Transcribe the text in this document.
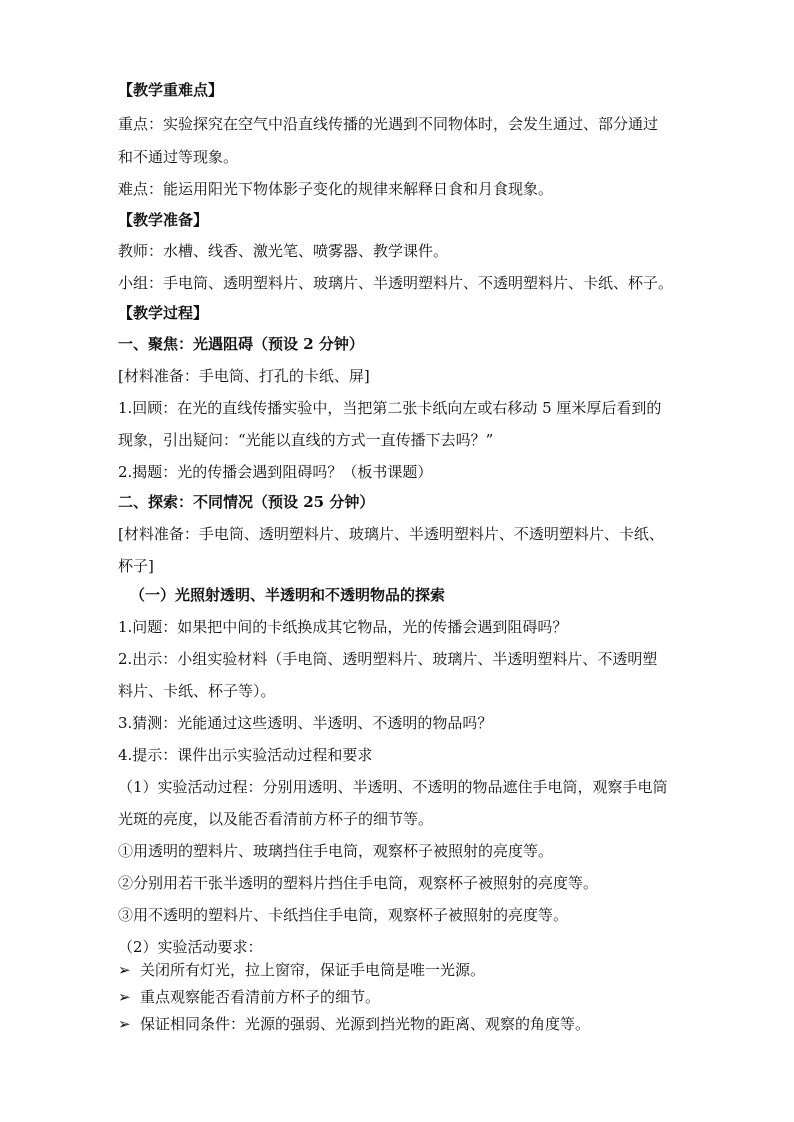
【教学重难点】
重点：实验探究在空气中沿直线传播的光遇到不同物体时，会发生通过、部分通过
和不通过等现象。
难点：能运用阳光下物体影子变化的规律来解释日食和月食现象。
【教学准备】
教师：水槽、线香、激光笔、喷雾器、教学课件。
小组：手电筒、透明塑料片、玻璃片、半透明塑料片、不透明塑料片、卡纸、杯子。
【教学过程】
一、聚焦：光遇阻碍（预设 2 分钟）
[材料准备：手电筒、打孔的卡纸、屏]
1.回顾：在光的直线传播实验中，当把第二张卡纸向左或右移动 5 厘米厚后看到的
现象，引出疑问：“光能以直线的方式一直传播下去吗？”
2.揭题：光的传播会遇到阻碍吗？（板书课题）
二、探索：不同情况（预设 25 分钟）
[材料准备：手电筒、透明塑料片、玻璃片、半透明塑料片、不透明塑料片、卡纸、
杯子]
（一）光照射透明、半透明和不透明物品的探索
1.问题：如果把中间的卡纸换成其它物品，光的传播会遇到阻碍吗？
2.出示：小组实验材料（手电筒、透明塑料片、玻璃片、半透明塑料片、不透明塑
料片、卡纸、杯子等）。
3.猜测：光能通过这些透明、半透明、不透明的物品吗？
4.提示：课件出示实验活动过程和要求
（1）实验活动过程：分别用透明、半透明、不透明的物品遮住手电筒，观察手电筒
光斑的亮度，以及能否看清前方杯子的细节等。
①用透明的塑料片、玻璃挡住手电筒，观察杯子被照射的亮度等。
②分别用若干张半透明的塑料片挡住手电筒，观察杯子被照射的亮度等。
③用不透明的塑料片、卡纸挡住手电筒，观察杯子被照射的亮度等。
（2）实验活动要求：
➢ 关闭所有灯光，拉上窗帘，保证手电筒是唯一光源。
➢ 重点观察能否看清前方杯子的细节。
➢ 保证相同条件：光源的强弱、光源到挡光物的距离、观察的角度等。
